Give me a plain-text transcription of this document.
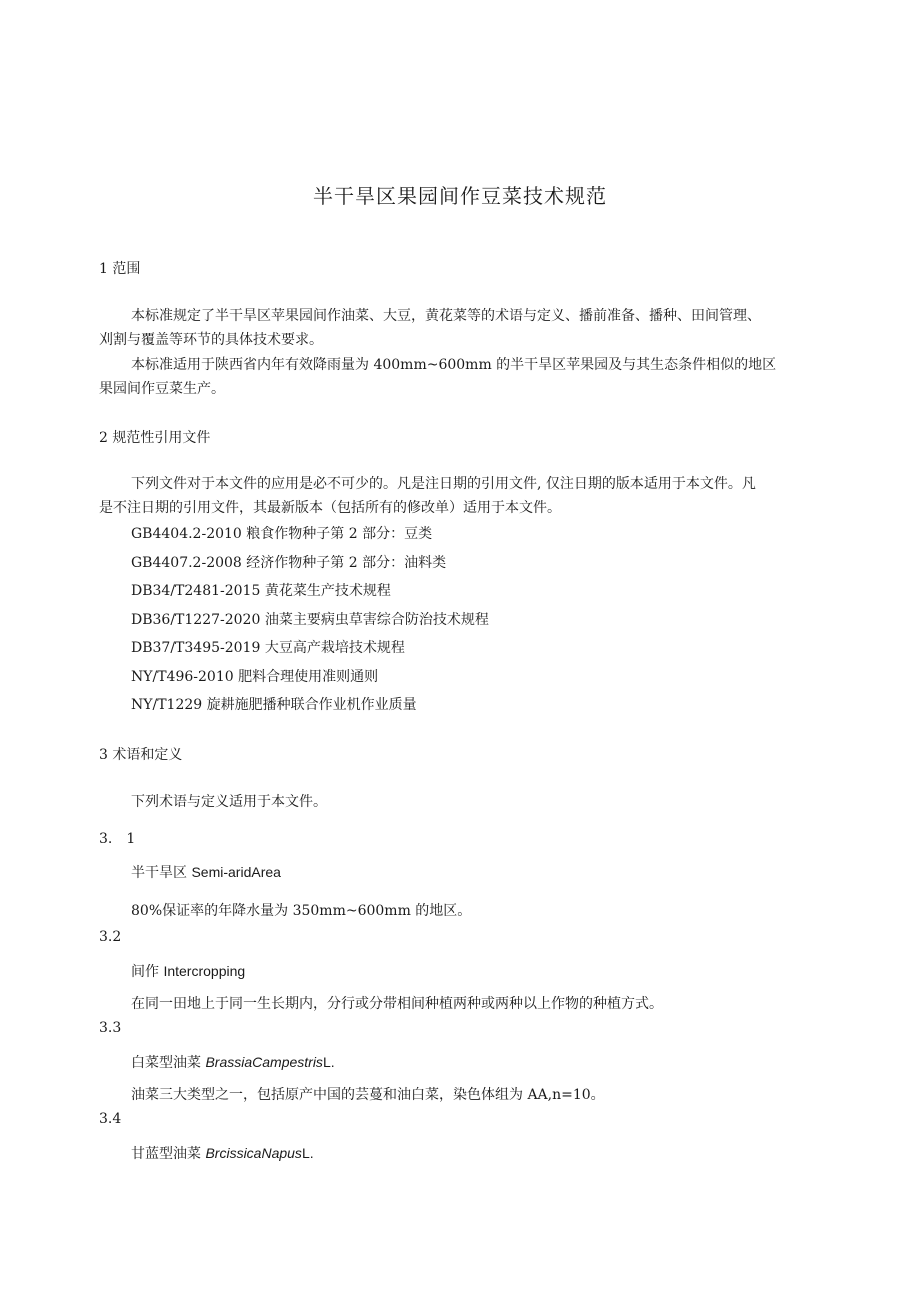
半干旱区果园间作豆菜技术规范
1 范围
本标准规定了半干旱区苹果园间作油菜、大豆，黄花菜等的术语与定义、播前准备、播种、田间管理、
刈割与覆盖等环节的具体技术要求。
本标准适用于陕西省内年有效降雨量为 400mm~600mm 的半干旱区苹果园及与其生态条件相似的地区
果园间作豆菜生产。
2 规范性引用文件
下列文件对于本文件的应用是必不可少的。凡是注日期的引用文件, 仅注日期的版本适用于本文件。凡
是不注日期的引用文件，其最新版本（包括所有的修改单）适用于本文件。
GB4404.2-2010 粮食作物种子第 2 部分：豆类
GB4407.2-2008 经济作物种子第 2 部分：油料类
DB34/T2481-2015 黄花菜生产技术规程
DB36/T1227-2020 油菜主要病虫草害综合防治技术规程
DB37/T3495-2019 大豆高产栽培技术规程
NY/T496-2010 肥料合理使用准则通则
NY/T1229 旋耕施肥播种联合作业机作业质量
3 术语和定义
下列术语与定义适用于本文件。
3.　1
半干旱区 Semi-aridArea
80%保证率的年降水量为 350mm~600mm 的地区。
3.2
间作 Intercropping
在同一田地上于同一生长期内，分行或分带相间种植两种或两种以上作物的种植方式。
3.3
白菜型油菜 BrassiaCampestrisL.
油菜三大类型之一，包括原产中国的芸蔓和油白菜，染色体组为 AA,n=10。
3.4
甘蓝型油菜 BrcissicaNapusL.
